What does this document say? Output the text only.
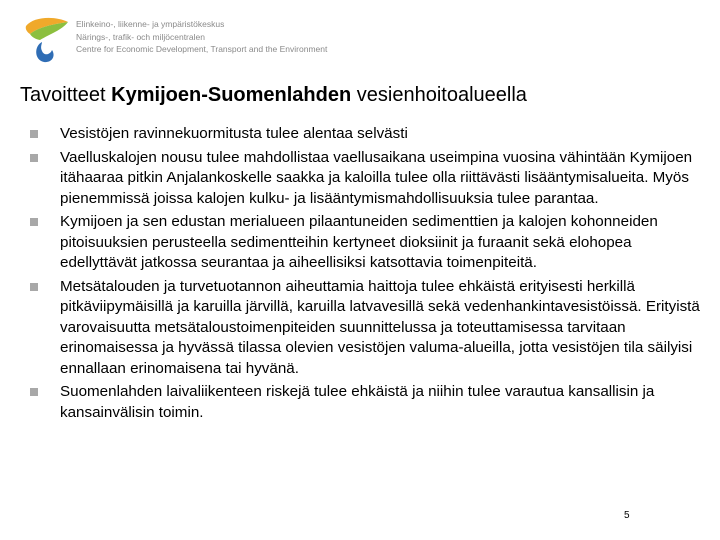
Elinkeino-, liikenne- ja ympäristökeskus
Närings-, trafik- och miljöcentralen
Centre for Economic Development, Transport and the Environment
Tavoitteet Kymijoen-Suomenlahden vesienhoitoalueella
Vesistöjen ravinnekuormitusta tulee alentaa selvästi
Vaelluskalojen nousu tulee mahdollistaa vaellusaikana useimpina vuosina vähintään Kymijoen itähaaraa pitkin Anjalankoskelle saakka ja kaloilla tulee olla riittävästi lisääntymisalueita. Myös pienemmissä joissa kalojen kulku- ja lisääntymismahdollisuuksia tulee parantaa.
Kymijoen ja sen edustan merialueen pilaantuneiden sedimenttien ja kalojen kohonneiden pitoisuuksien perusteella sedimentteihin kertyneet dioksiinit ja furaanit sekä elohopea edellyttävät jatkossa seurantaa ja aiheellisiksi katsottavia toimenpiteitä.
Metsätalouden ja turvetuotannon aiheuttamia haittoja tulee ehkäistä erityisesti herkillä pitkäviipymäisillä ja karuilla järvillä, karuilla latvavesillä sekä vedenhankintavesistöissä. Erityistä varovaisuutta metsätaloustoimenpiteiden suunnittelussa ja toteuttamisessa tarvitaan erinomaisessa ja hyvässä tilassa olevien vesistöjen valuma-alueilla, jotta vesistöjen tila säilyisi ennallaan erinomaisena tai hyvänä.
Suomenlahden laivaliikenteen riskejä tulee ehkäistä ja niihin tulee varautua kansallisin ja kansainvälisin toimin.
5
